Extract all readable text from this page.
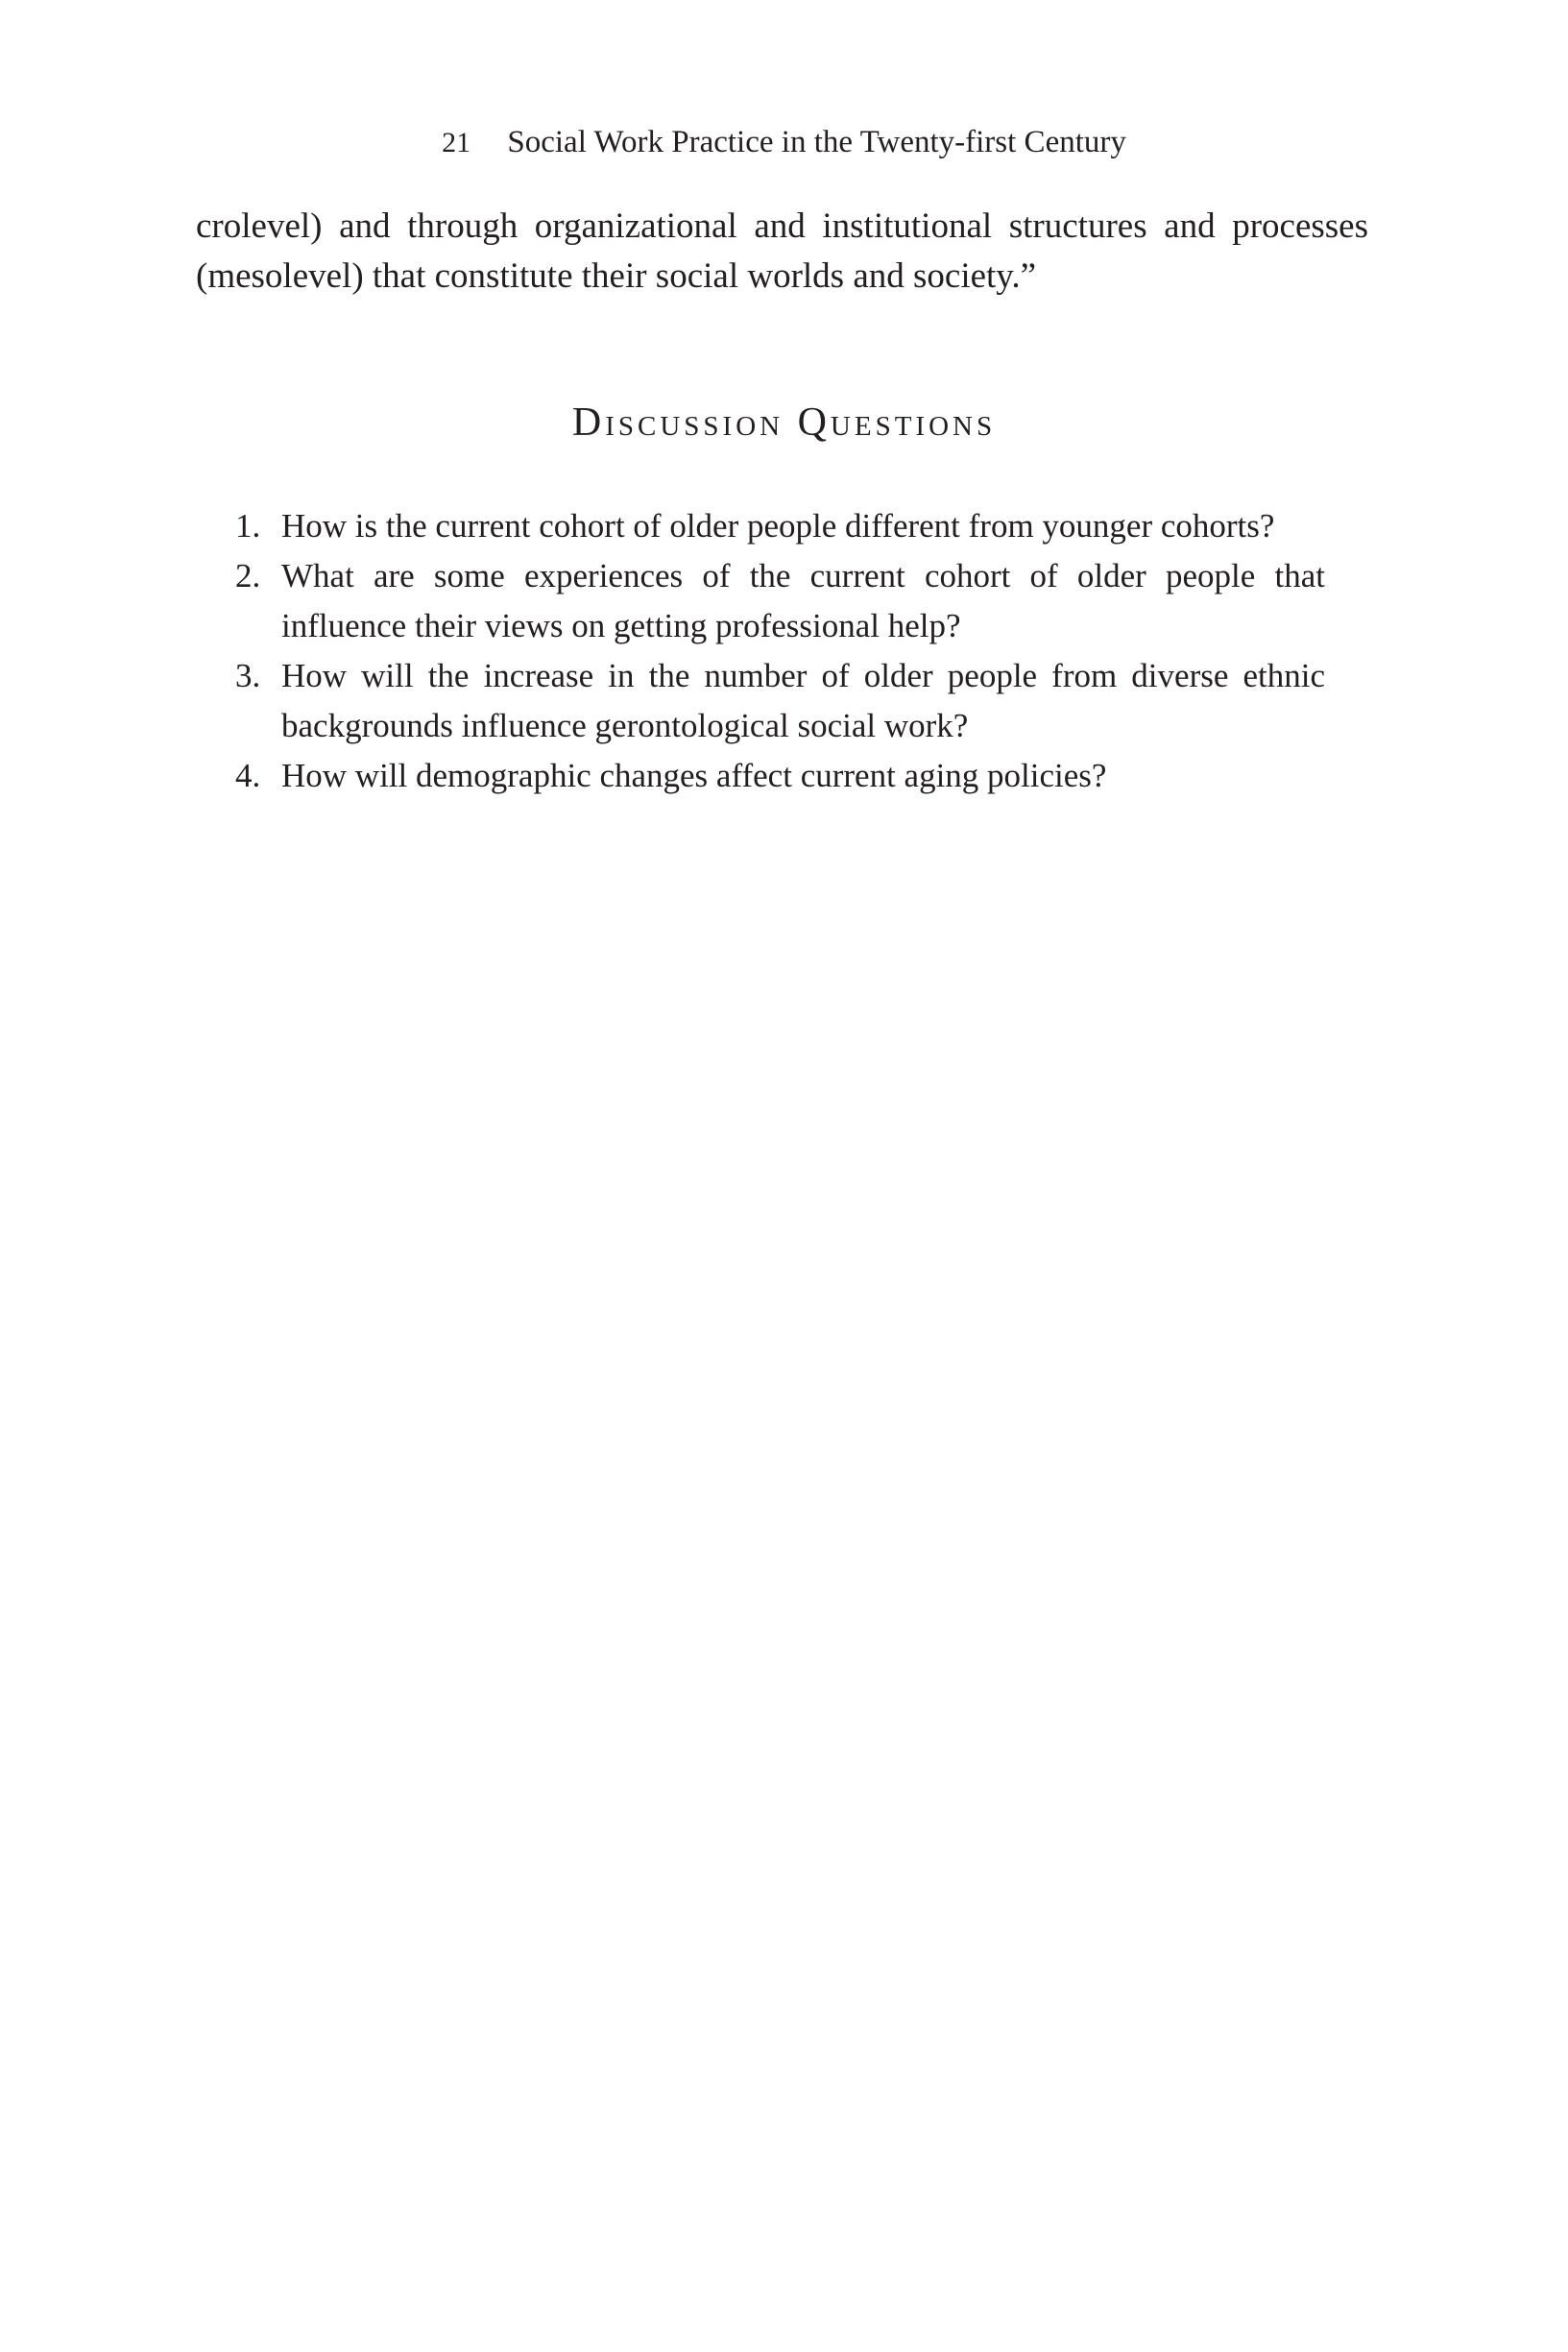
21 Social Work Practice in the Twenty-first Century

crolevel) and through organizational and institutional structures and processes (mesolevel) that constitute their social worlds and society.”

Discussion Questions
1. How is the current cohort of older people different from younger cohorts?
2. What are some experiences of the current cohort of older people that influence their views on getting professional help?
3. How will the increase in the number of older people from diverse ethnic backgrounds influence gerontological social work?
4. How will demographic changes affect current aging policies?
